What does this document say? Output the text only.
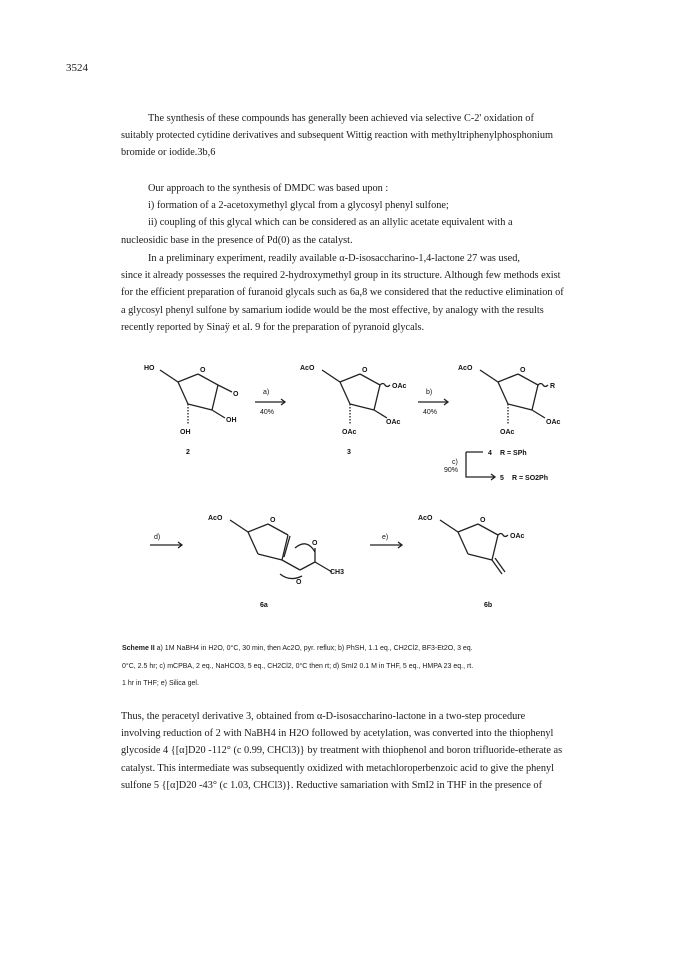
3524
The synthesis of these compounds has generally been achieved via selective C-2' oxidation of
suitably protected cytidine derivatives and subsequent Wittig reaction with methyltriphenylphosphonium
bromide or iodide.3b,6
Our approach to the synthesis of DMDC was based upon :
i) formation of a 2-acetoxymethyl glycal from a glycosyl phenyl sulfone;
ii) coupling of this glycal which can be considered as an allylic acetate equivalent with a
nucleosidic base in the presence of Pd(0) as the catalyst.
In a preliminary experiment, readily available α-D-isosaccharino-1,4-lactone 27 was used,
since it already possesses the required 2-hydroxymethyl group in its structure. Although few methods exist
for the efficient preparation of furanoid glycals such as 6a,8 we considered that the reductive elimination of
a glycosyl phenyl sulfone by samarium iodide would be the most effective, by analogy with the results
recently reported by Sinaÿ et al. 9 for the preparation of pyranoid glycals.
HO	O
O
OH
OH
2
AcO	O
OAc
OAc
OAc
3
AcO	O
R
OAc
OAc
4 R = SPh
5 R = SO2Ph
AcO	O
O
CH3
O
6a
AcO	O
OAc
6b
a)
40%
b)
40%
c)
90%
d)	e)
Scheme II a) 1M NaBH4 in H2O, 0°C, 30 min, then Ac2O, pyr. reflux; b) PhSH, 1.1 eq., CH2Cl2, BF3-Et2O, 3 eq.
0°C, 2.5 hr; c) mCPBA, 2 eq., NaHCO3, 5 eq., CH2Cl2, 0°C then rt; d) SmI2 0.1 M in THF, 5 eq., HMPA 23 eq., rt.
1 hr in THF; e) Silica gel.
Thus, the peracetyl derivative 3, obtained from α-D-isosaccharino-lactone in a two-step procedure
involving reduction of 2 with NaBH4 in H2O followed by acetylation, was converted into the thiophenyl
glycoside 4 {[α]D20 -112° (c 0.99, CHCl3)} by treatment with thiophenol and boron trifluoride-etherate as
catalyst. This intermediate was subsequently oxidized with metachloroperbenzoic acid to give the phenyl
sulfone 5 {[α]D20 -43° (c 1.03, CHCl3)}. Reductive samariation with SmI2 in THF in the presence of
